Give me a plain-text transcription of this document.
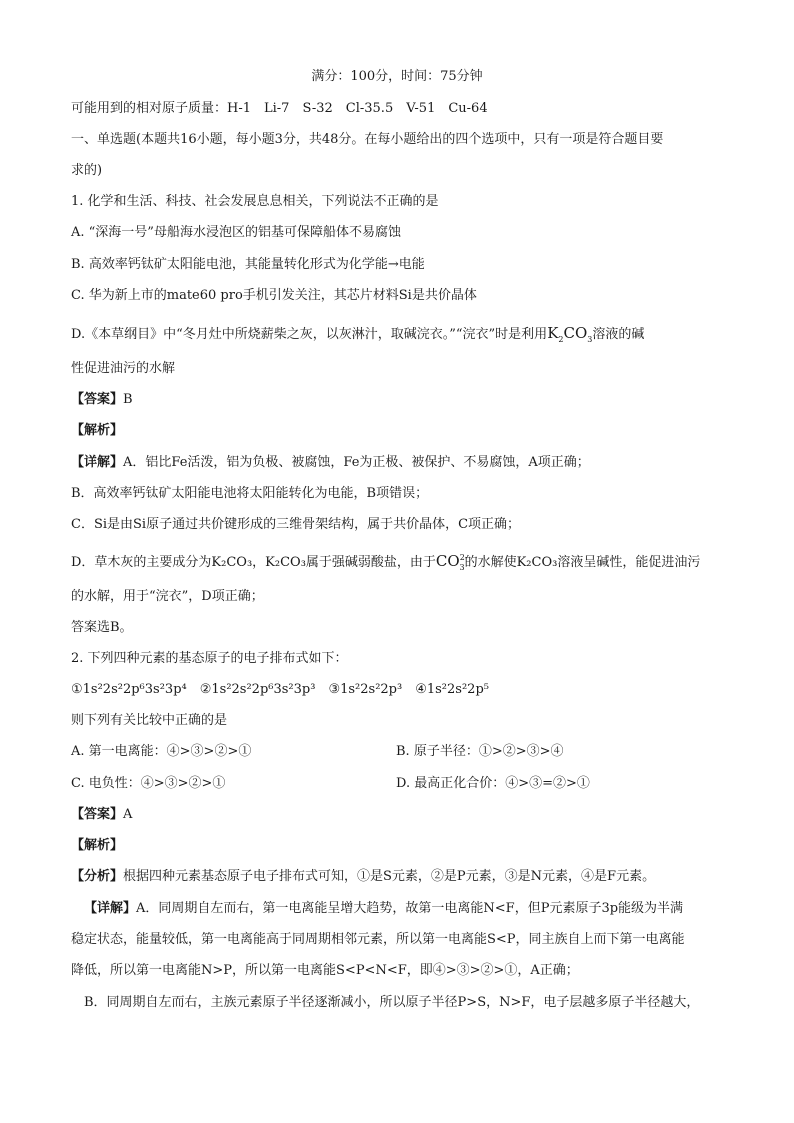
满分：100分，时间：75分钟
可能用到的相对原子质量：H-1　Li-7　S-32　Cl-35.5　V-51　Cu-64
一、单选题(本题共16小题，每小题3分，共48分。在每小题给出的四个选项中，只有一项是符合题目要
求的)
1. 化学和生活、科技、社会发展息息相关，下列说法不正确的是
A. “深海一号”母船海水浸泡区的铝基可保障船体不易腐蚀
B. 高效率钙钛矿太阳能电池，其能量转化形式为化学能→电能
C. 华为新上市的mate60 pro手机引发关注，其芯片材料Si是共价晶体
D.《本草纲目》中“冬月灶中所烧薪柴之灰，以灰淋汁，取碱浣衣。”“浣衣”时是利用$K_2CO_3$溶液的碱
性促进油污的水解
【答案】B
【解析】
【详解】A．铝比Fe活泼，铝为负极、被腐蚀，Fe为正极、被保护、不易腐蚀，A项正确；
B．高效率钙钛矿太阳能电池将太阳能转化为电能，B项错误；
C．Si是由Si原子通过共价键形成的三维骨架结构，属于共价晶体，C项正确；
D．草木灰的主要成分为K₂CO₃，K₂CO₃属于强碱弱酸盐，由于$CO^{2-}_3$的水解使K₂CO₃溶液呈碱性，能促进油污
的水解，用于“浣衣”，D项正确；
答案选B。
2. 下列四种元素的基态原子的电子排布式如下：
①1s²2s²2p⁶3s²3p⁴　②1s²2s²2p⁶3s²3p³　③1s²2s²2p³　④1s²2s²2p⁵
则下列有关比较中正确的是
A. 第一电离能：④>③>②>①	B. 原子半径：①>②>③>④
C. 电负性：④>③>②>①	D. 最高正化合价：④>③=②>①
【答案】A
【解析】
【分析】根据四种元素基态原子电子排布式可知，①是S元素，②是P元素，③是N元素，④是F元素。
【详解】A．同周期自左而右，第一电离能呈增大趋势，故第一电离能N<F，但P元素原子3p能级为半满
稳定状态，能量较低，第一电离能高于同周期相邻元素，所以第一电离能S<P，同主族自上而下第一电离能
降低，所以第一电离能N>P，所以第一电离能S<P<N<F，即④>③>②>①，A正确；
B．同周期自左而右，主族元素原子半径逐渐减小，所以原子半径P>S，N>F，电子层越多原子半径越大，
